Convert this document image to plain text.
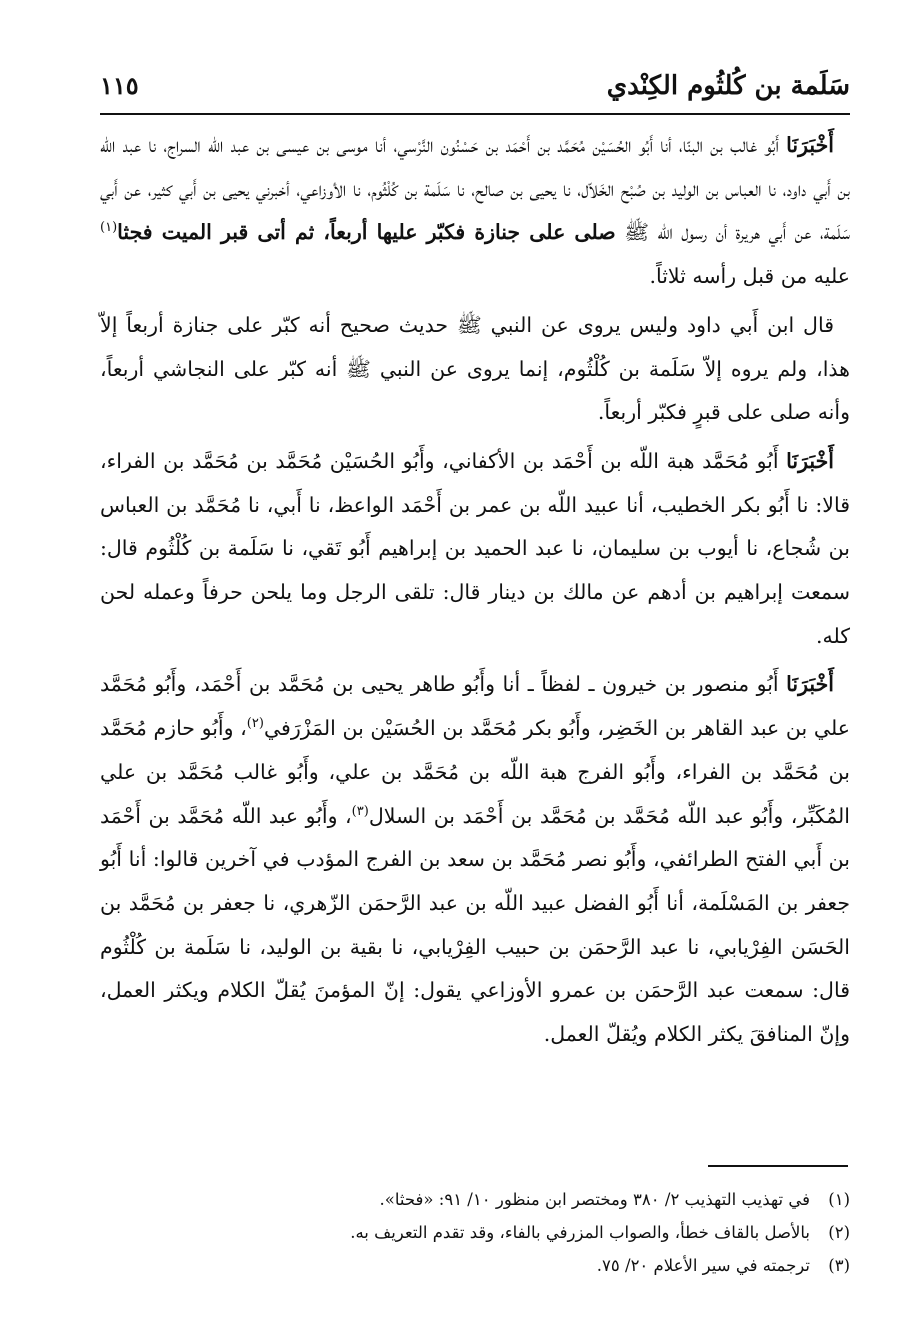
سَلَمة بن كُلثُوم الكِنْدي
١١٥

أَخْبَرَنَا أَبُو غالب بن البنّا، أنا أَبُو الحُسَيْن مُحَمَّد بن أَحْمَد بن حَسْنُون النَّرْسي، أنا موسى بن عيسى بن عبد اللّه السراج، نا عبد اللّه بن أَبي داود، نا العباس بن الوليد بن صُبْح الخَلاّل، نا يحيى بن صالح، نا سَلَمة بن كُلْثُوم، نا الأوزاعي، أخبرني يحيى بن أَبي كثير، عن أَبي سَلَمة، عن أَبي هريرة أن رسول الله ﷺ صلى على جنازة فكبّر عليها أربعاً، ثم أتى قبر الميت فجثا$^{(١)}$ عليه من قبل رأسه ثلاثاً.

قال ابن أَبي داود وليس يروى عن النبي ﷺ حديث صحيح أنه كبّر على جنازة أربعاً إلاّ هذا، ولم يروه إلاّ سَلَمة بن كُلْثُوم، إنما يروى عن النبي ﷺ أنه كبّر على النجاشي أربعاً، وأنه صلى على قبرٍ فكبّر أربعاً.

أَخْبَرَنَا أَبُو مُحَمَّد هبة اللّه بن أَحْمَد بن الأكفاني، وأَبُو الحُسَيْن مُحَمَّد بن مُحَمَّد بن الفراء، قالا: نا أَبُو بكر الخطيب، أنا عبيد اللّه بن عمر بن أَحْمَد الواعظ، نا أَبي، نا مُحَمَّد بن العباس بن شُجاع، نا أيوب بن سليمان، نا عبد الحميد بن إبراهيم أَبُو تَقي، نا سَلَمة بن كُلْثُوم قال: سمعت إبراهيم بن أدهم عن مالك بن دينار قال: تلقى الرجل وما يلحن حرفاً وعمله لحن كله.

أَخْبَرَنَا أَبُو منصور بن خيرون ـ لفظاً ـ أنا وأَبُو طاهر يحيى بن مُحَمَّد بن أَحْمَد، وأَبُو مُحَمَّد علي بن عبد القاهر بن الخَضِر، وأَبُو بكر مُحَمَّد بن الحُسَيْن بن المَزْرَفي$^{(٢)}$، وأَبُو حازم مُحَمَّد بن مُحَمَّد بن الفراء، وأَبُو الفرج هبة اللّه بن مُحَمَّد بن علي، وأَبُو غالب مُحَمَّد بن علي المُكَبِّر، وأَبُو عبد اللّه مُحَمَّد بن مُحَمَّد بن أَحْمَد بن السلال$^{(٣)}$، وأَبُو عبد اللّه مُحَمَّد بن أَحْمَد بن أَبي الفتح الطرائفي، وأَبُو نصر مُحَمَّد بن سعد بن الفرج المؤدب في آخرين قالوا: أنا أَبُو جعفر بن المَسْلَمة، أنا أَبُو الفضل عبيد اللّه بن عبد الرَّحمَن الزّهري، نا جعفر بن مُحَمَّد بن الحَسَن الفِرْيابي، نا عبد الرَّحمَن بن حبيب الفِرْيابي، نا بقية بن الوليد، نا سَلَمة بن كُلْثُوم قال: سمعت عبد الرَّحمَن بن عمرو الأوزاعي يقول: إنّ المؤمنَ يُقلّ الكلام ويكثر العمل، وإنّ المنافقَ يكثر الكلام ويُقلّ العمل.

(١)في تهذيب التهذيب ٢/ ٣٨٠ ومختصر ابن منظور ١٠/ ٩١: «فحثا».
(٢)بالأصل بالقاف خطأ، والصواب المزرفي بالفاء، وقد تقدم التعريف به.
(٣)ترجمته في سير الأعلام ٢٠/ ٧٥.
